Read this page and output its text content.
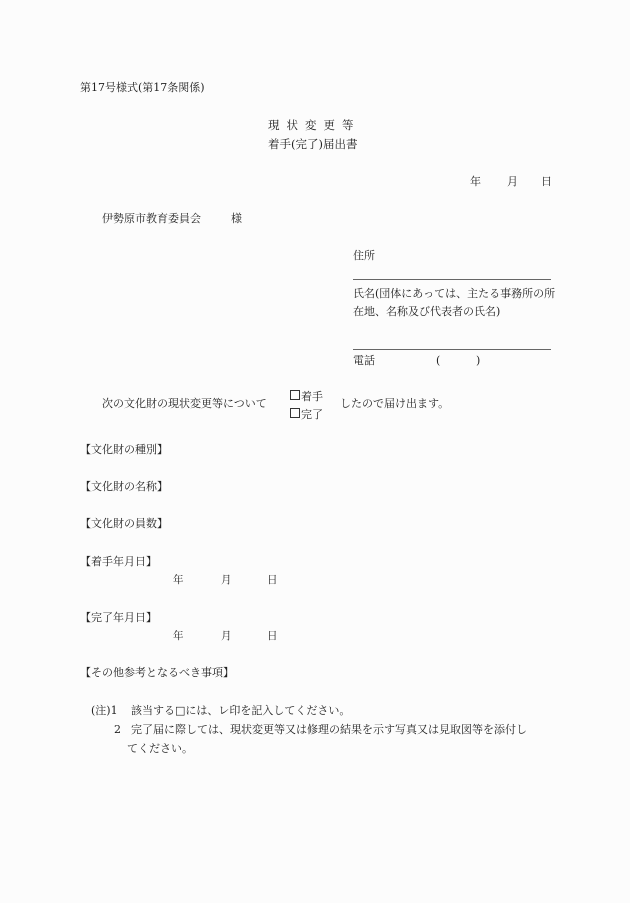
第17号様式(第17条関係)
現状変更等
着手(完了)届出書
年 月 日
伊勢原市教育委員会	様
住所
氏名(団体にあっては、主たる事務所の所在地、名称及び代表者の氏名)
電話	(	)
次の文化財の現状変更等について
着手
完了
したので届け出ます。
【文化財の種別】
【文化財の名称】
【文化財の員数】
【着手年月日】
年	月	日
【完了年月日】
年	月	日
【その他参考となるべき事項】
(注)1 該当する□には、レ印を記入してください。
2 完了届に際しては、現状変更等又は修理の結果を示す写真又は見取図等を添付し
てください。
